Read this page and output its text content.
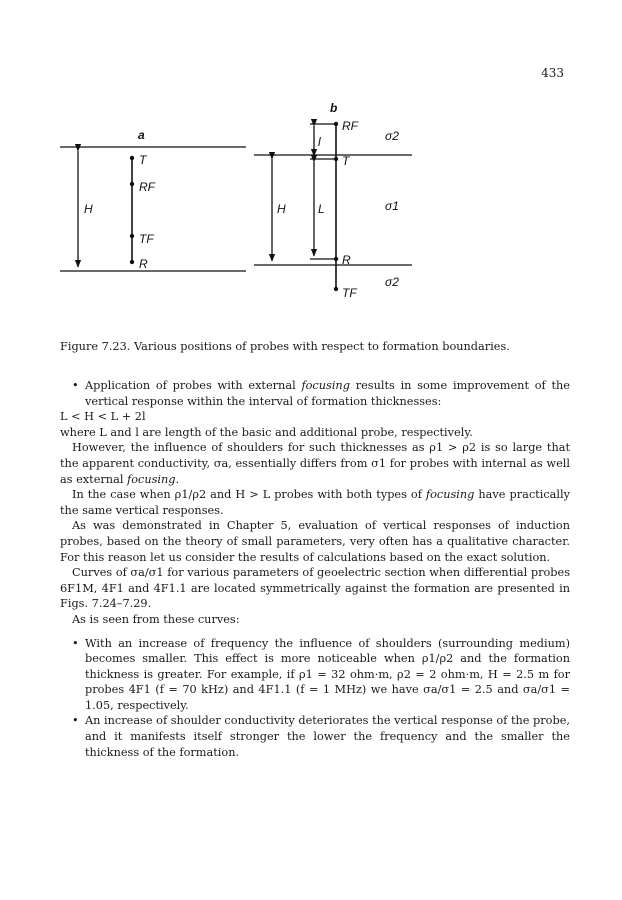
433
a
H
T
RF
TF
R
b
RF
l
T
H	L
R
TF
σ2
σ1
σ2
Figure 7.23. Various positions of probes with respect to formation boundaries.

• Application of probes with external focusing results in some improvement of the vertical response within the interval of formation thicknesses:

L < H < L + 2l

where L and l are length of the basic and additional probe, respectively.

However, the influence of shoulders for such thicknesses as ρ1 > ρ2 is so large that the apparent conductivity, σa, essentially differs from σ1 for probes with internal as well as external focusing.

In the case when ρ1/ρ2 and H > L probes with both types of focusing have practically the same vertical responses.

As was demonstrated in Chapter 5, evaluation of vertical responses of induction probes, based on the theory of small parameters, very often has a qualitative character. For this reason let us consider the results of calculations based on the exact solution.

Curves of σa/σ1 for various parameters of geoelectric section when differential probes 6F1M, 4F1 and 4F1.1 are located symmetrically against the formation are presented in Figs. 7.24–7.29.

As is seen from these curves:

• With an increase of frequency the influence of shoulders (surrounding medium) becomes smaller. This effect is more noticeable when ρ1/ρ2 and the formation thickness is greater. For example, if ρ1 = 32 ohm·m, ρ2 = 2 ohm·m, H = 2.5 m for probes 4F1 (f = 70 kHz) and 4F1.1 (f = 1 MHz) we have σa/σ1 = 2.5 and σa/σ1 = 1.05, respectively.

• An increase of shoulder conductivity deteriorates the vertical response of the probe, and it manifests itself stronger the lower the frequency and the smaller the thickness of the formation.
